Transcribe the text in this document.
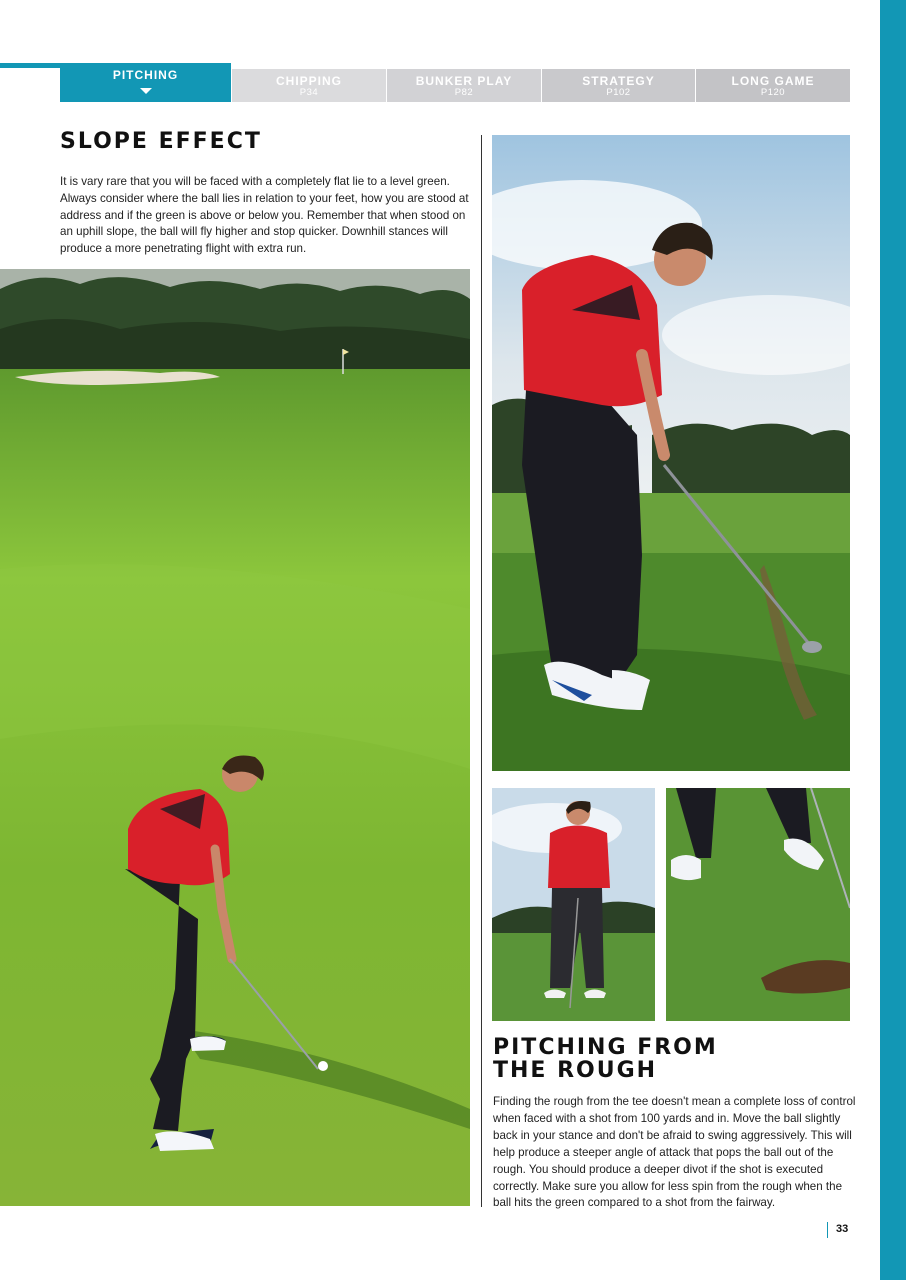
PITCHING	CHIPPING
P34
BUNKER PLAY
P82
STRATEGY
P102
LONG GAME
P120
SLOPE EFFECT

It is vary rare that you will be faced with a completely flat lie to a level green. Always consider where the ball lies in relation to your feet, how you are stood at address and if the green is above or below you. Remember that when stood on an uphill slope, the ball will fly higher and stop quicker. Downhill stances will produce a more penetrating flight with extra run.

PITCHING FROM
THE ROUGH

Finding the rough from the tee doesn't mean a complete loss of control when faced with a shot from 100 yards and in. Move the ball slightly back in your stance and don't be afraid to swing aggressively. This will help produce a steeper angle of attack that pops the ball out of the rough. You should produce a deeper divot if the shot is executed correctly. Make sure you allow for less spin from the rough when the ball hits the green compared to a shot from the fairway.

33
